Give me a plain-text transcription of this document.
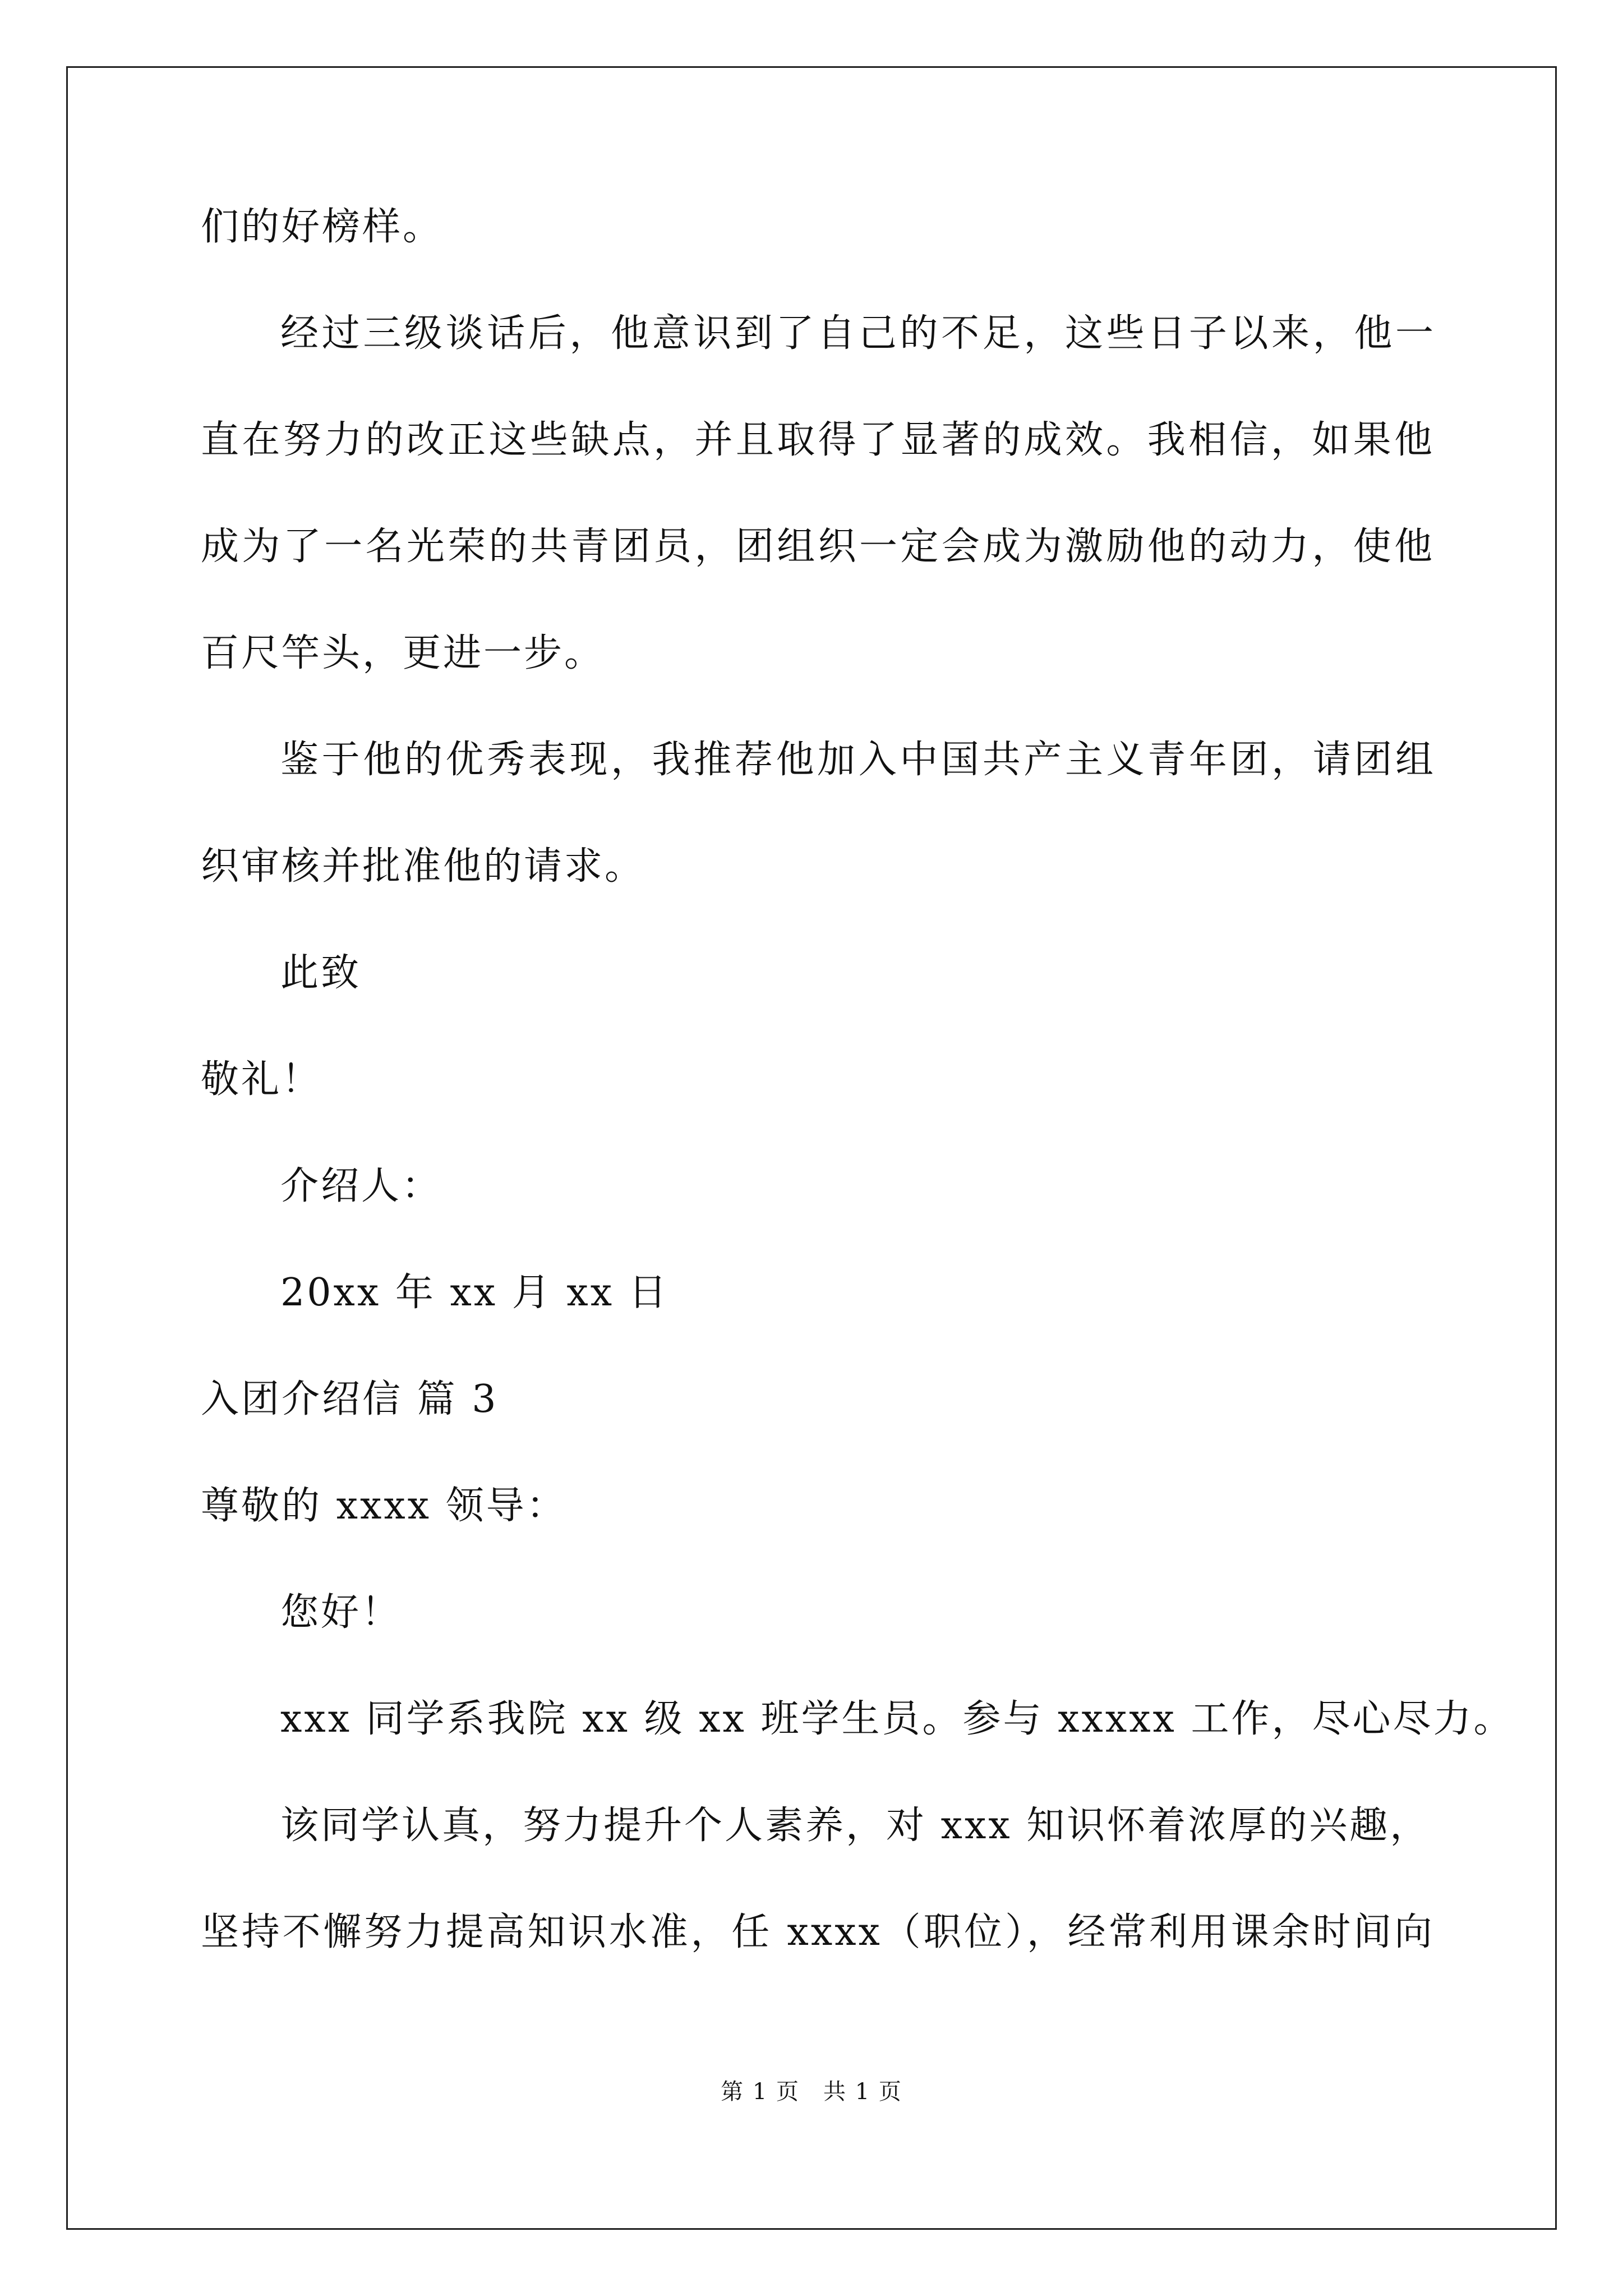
们的好榜样。
经过三级谈话后，他意识到了自己的不足，这些日子以来，他一
直在努力的改正这些缺点，并且取得了显著的成效。我相信，如果他
成为了一名光荣的共青团员，团组织一定会成为激励他的动力，使他
百尺竿头，更进一步。
鉴于他的优秀表现，我推荐他加入中国共产主义青年团，请团组
织审核并批准他的请求。
此致
敬礼！
介绍人：
20xx 年 xx 月 xx 日
入团介绍信 篇 3
尊敬的 xxxx 领导：
您好！
xxx 同学系我院 xx 级 xx 班学生员。参与 xxxxx 工作，尽心尽力。
该同学认真，努力提升个人素养，对 xxx 知识怀着浓厚的兴趣，
坚持不懈努力提高知识水准，任 xxxx（职位），经常利用课余时间向
第 1 页　共 1 页
